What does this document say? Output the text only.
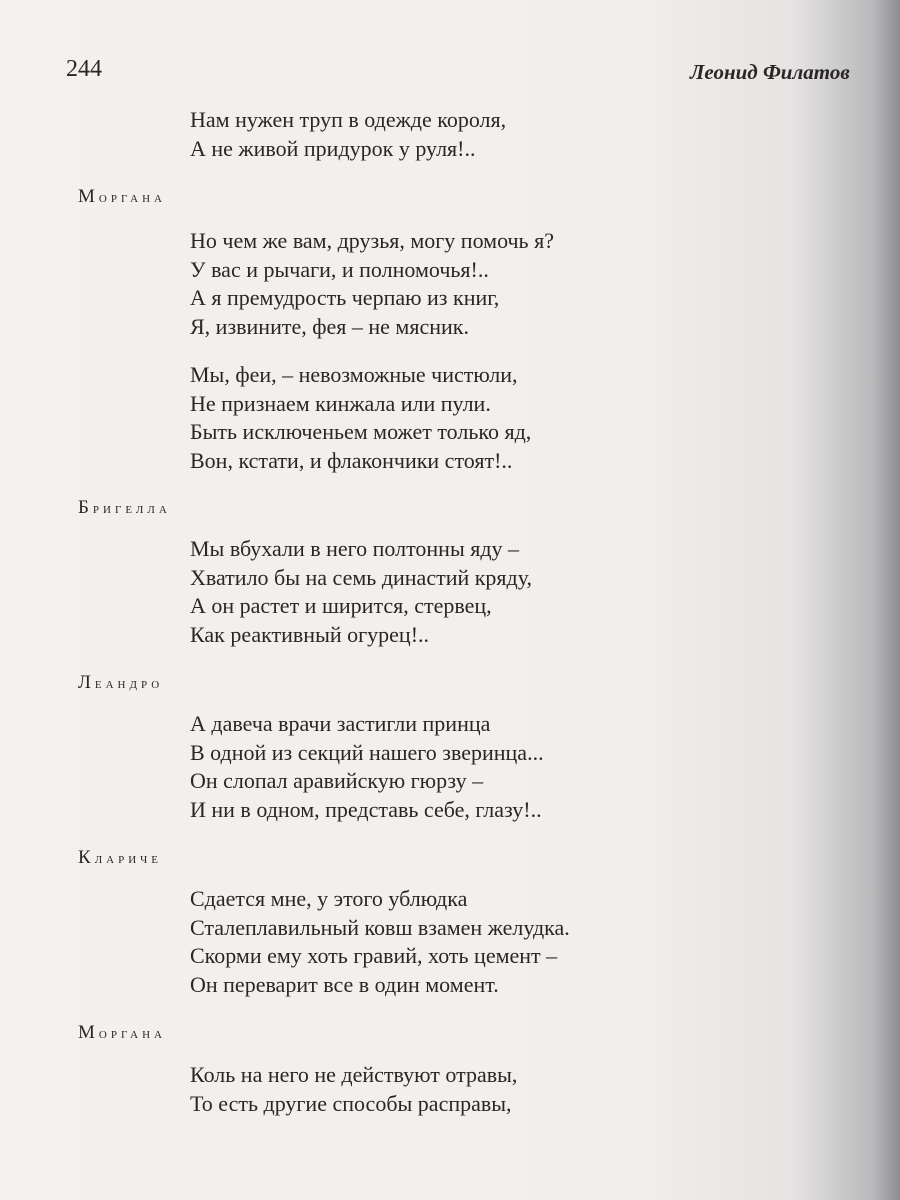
244	Леонид Филатов
Нам нужен труп в одежде короля,
А не живой придурок у руля!..
Моргана
Но чем же вам, друзья, могу помочь я?
У вас и рычаги, и полномочья!..
А я премудрость черпаю из книг,
Я, извините, фея – не мясник.
Мы, феи, – невозможные чистюли,
Не признаем кинжала или пули.
Быть исключеньем может только яд,
Вон, кстати, и флакончики стоят!..
Бригелла
Мы вбухали в него полтонны яду –
Хватило бы на семь династий кряду,
А он растет и ширится, стервец,
Как реактивный огурец!..
Леандро
А давеча врачи застигли принца
В одной из секций нашего зверинца...
Он слопал аравийскую гюрзу –
И ни в одном, представь себе, глазу!..
Клариче
Сдается мне, у этого ублюдка
Сталеплавильный ковш взамен желудка.
Скорми ему хоть гравий, хоть цемент –
Он переварит все в один момент.
Моргана
Коль на него не действуют отравы,
То есть другие способы расправы,
